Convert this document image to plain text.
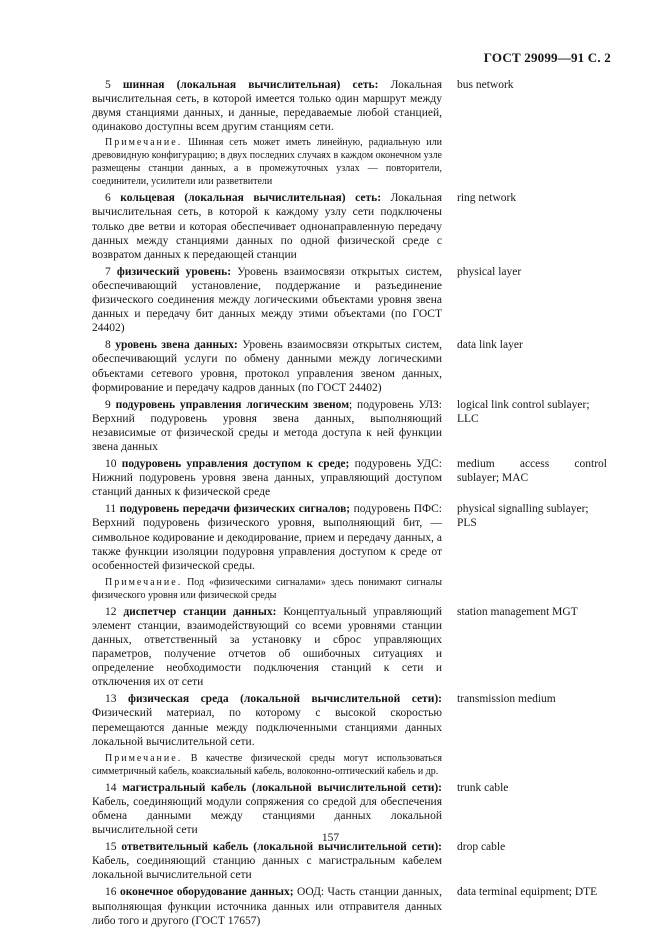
ГОСТ 29099—91 С. 2
5 шинная (локальная вычислительная) сеть: Локальная вычислительная сеть, в которой имеется только один маршрут между двумя станциями данных, и данные, передаваемые любой станцией, одинаково доступны всем другим станциям сети.
bus network
Примечание. Шинная сеть может иметь линейную, радиальную или древовидную конфигурацию; в двух последних случаях в каждом оконечном узле размещены станции данных, а в промежуточных узлах — повторители, соединители, усилители или разветвители
6 кольцевая (локальная вычислительная) сеть: Локальная вычислительная сеть, в которой к каждому узлу сети подключены только две ветви и которая обеспечивает однонаправленную передачу данных между станциями данных по одной физической среде с возвратом данных к передающей станции
ring network
7 физический уровень: Уровень взаимосвязи открытых систем, обеспечивающий установление, поддержание и разъединение физического соединения между логическими объектами уровня звена данных и передачу бит данных между этими объектами (по ГОСТ 24402)
physical layer
8 уровень звена данных: Уровень взаимосвязи открытых систем, обеспечивающий услуги по обмену данными между логическими объектами сетевого уровня, протокол управления звеном данных, формирование и передачу кадров данных (по ГОСТ 24402)
data link layer
9 подуровень управления логическим звеном; подуровень УЛЗ: Верхний подуровень уровня звена данных, выполняющий независимые от физической среды и метода доступа к ней функции звена данных
logical link control sublayer; LLC
10 подуровень управления доступом к среде; подуровень УДС: Нижний подуровень уровня звена данных, управляющий доступом станций данных к физической среде
medium access control sublayer; MAC
11 подуровень передачи физических сигналов; подуровень ПФС: Верхний подуровень физического уровня, выполняющий бит, — символьное кодирование и декодирование, прием и передачу данных, а также функции изоляции подуровня управления доступом к среде от особенностей физической среды.
physical signalling sublayer; PLS
Примечание. Под «физическими сигналами» здесь понимают сигналы физического уровня или физической среды
12 диспетчер станции данных: Концептуальный управляющий элемент станции, взаимодействующий со всеми уровнями станции данных, ответственный за установку и сброс управляющих параметров, получение отчетов об ошибочных ситуациях и определение необходимости подключения станций к сети и отключения их от сети
station management MGT
13 физическая среда (локальной вычислительной сети): Физический материал, по которому с высокой скоростью перемещаются данные между подключенными станциями данных локальной вычислительной сети.
transmission medium
Примечание. В качестве физической среды могут использоваться симметричный кабель, коаксиальный кабель, волоконно-оптический кабель и др.
14 магистральный кабель (локальной вычислительной сети): Кабель, соединяющий модули сопряжения со средой для обеспечения обмена данными между станциями данных локальной вычислительной сети
trunk cable
15 ответвительный кабель (локальной вычислительной сети): Кабель, соединяющий станцию данных с магистральным кабелем локальной вычислительной сети
drop cable
16 оконечное оборудование данных; ООД: Часть станции данных, выполняющая функции источника данных или отправителя данных либо того и другого (ГОСТ 17657)
data terminal equipment; DTE
157
